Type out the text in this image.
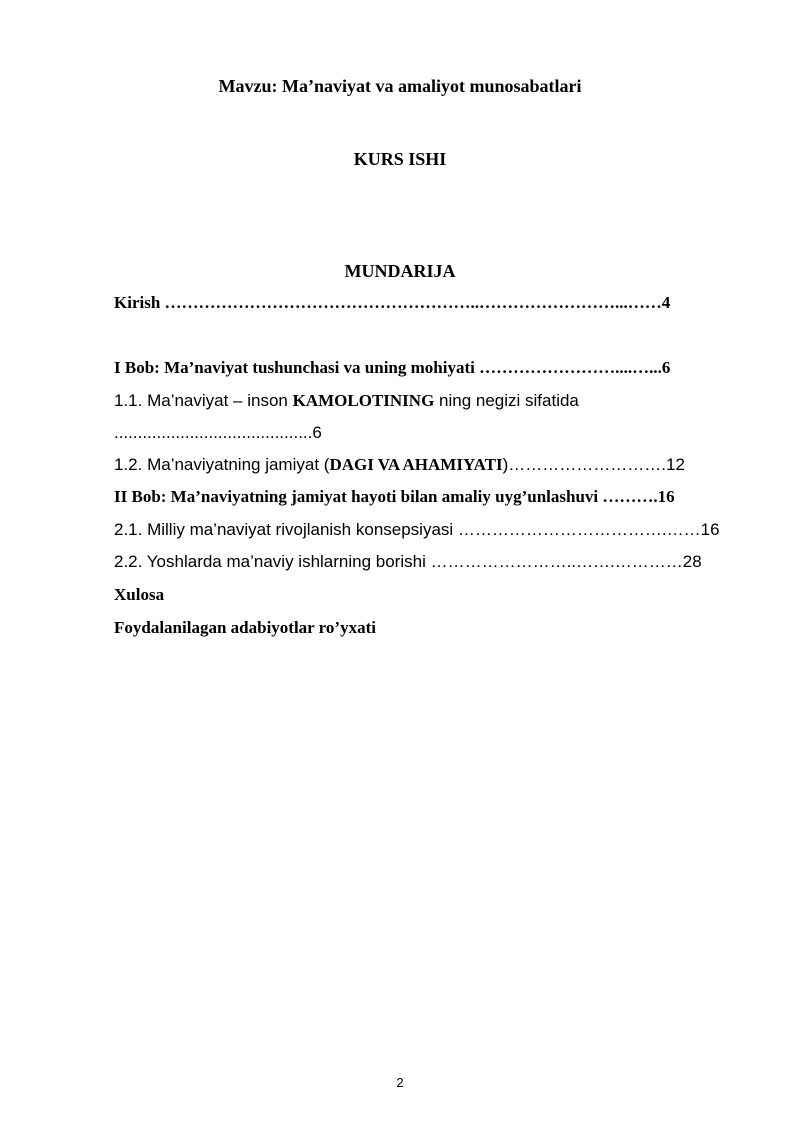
Mavzu: Ma’naviyat va amaliyot munosabatlari
KURS ISHI
MUNDARIJA
Kirish ………………………………………………..……………………...……4
I Bob: Ma’naviyat tushunchasi va uning mohiyati ……………………....…...6
1.1. Ma’naviyat – inson KAMOLOTINING ning negizi sifatida
..........................................6
1.2. Ma’naviyatning jamiyat (DAGI VA AHAMIYATI)……………………….12
II Bob: Ma’naviyatning jamiyat hayoti bilan amaliy uyg’unlashuvi ……….16
2.1. Milliy ma’naviyat rivojlanish konsepsiyasi ……………………………….……16
2.2. Yoshlarda ma’naviy ishlarning borishi ……………………..…….…………28
Xulosa
Foydalanilagan adabiyotlar ro’yxati
2
